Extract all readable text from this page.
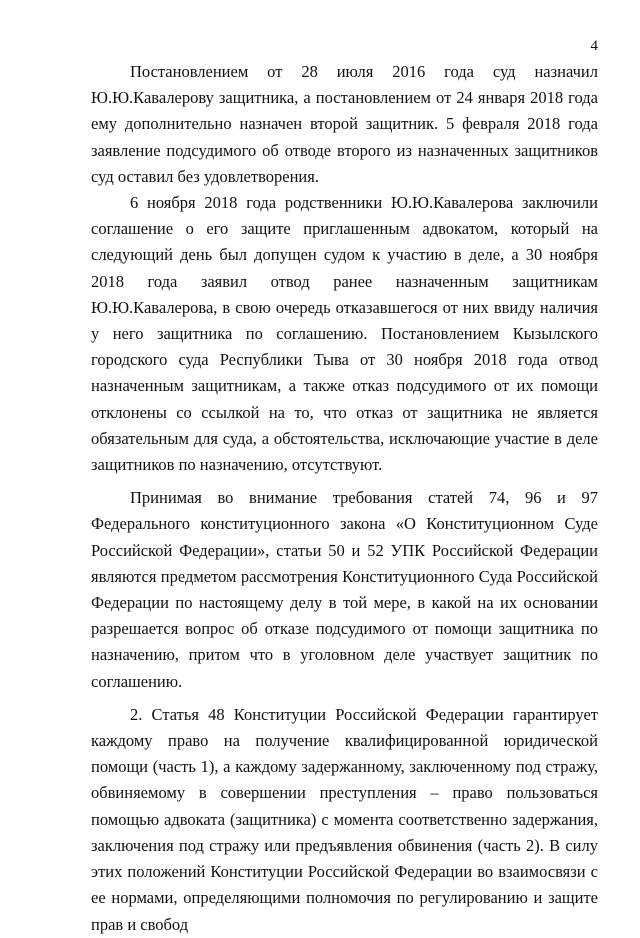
4

Постановлением от 28 июля 2016 года суд назначил Ю.Ю.Кавалерову защитника, а постановлением от 24 января 2018 года ему дополнительно назначен второй защитник. 5 февраля 2018 года заявление подсудимого об отводе второго из назначенных защитников суд оставил без удовлетворения.

6 ноября 2018 года родственники Ю.Ю.Кавалерова заключили соглашение о его защите приглашенным адвокатом, который на следующий день был допущен судом к участию в деле, а 30 ноября 2018 года заявил отвод ранее назначенным защитникам Ю.Ю.Кавалерова, в свою очередь отказавшегося от них ввиду наличия у него защитника по соглашению. Постановлением Кызылского городского суда Республики Тыва от 30 ноября 2018 года отвод назначенным защитникам, а также отказ подсудимого от их помощи отклонены со ссылкой на то, что отказ от защитника не является обязательным для суда, а обстоятельства, исключающие участие в деле защитников по назначению, отсутствуют.

Принимая во внимание требования статей 74, 96 и 97 Федерального конституционного закона «О Конституционном Суде Российской Федерации», статьи 50 и 52 УПК Российской Федерации являются предметом рассмотрения Конституционного Суда Российской Федерации по настоящему делу в той мере, в какой на их основании разрешается вопрос об отказе подсудимого от помощи защитника по назначению, притом что в уголовном деле участвует защитник по соглашению.

2. Статья 48 Конституции Российской Федерации гарантирует каждому право на получение квалифицированной юридической помощи (часть 1), а каждому задержанному, заключенному под стражу, обвиняемому в совершении преступления – право пользоваться помощью адвоката (защитника) с момента соответственно задержания, заключения под стражу или предъявления обвинения (часть 2). В силу этих положений Конституции Российской Федерации во взаимосвязи с ее нормами, определяющими полномочия по регулированию и защите прав и свобод
